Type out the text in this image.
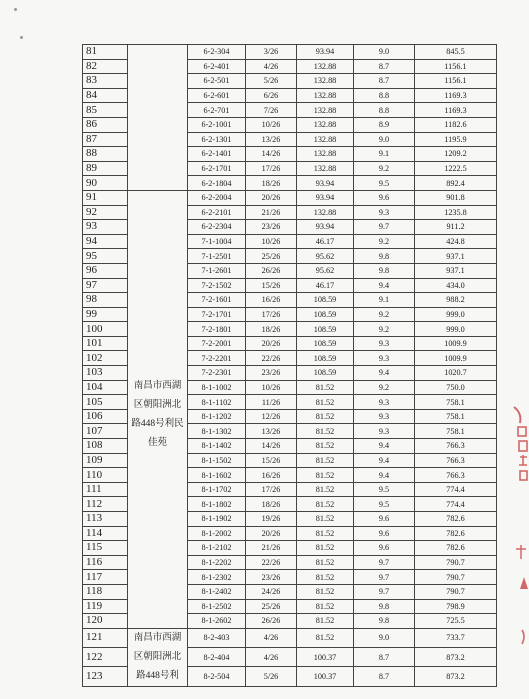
81		6-2-304	3/26	93.94	9.0	845.5
82		6-2-401	4/26	132.88	8.7	1156.1
83		6-2-501	5/26	132.88	8.7	1156.1
84		6-2-601	6/26	132.88	8.8	1169.3
85		6-2-701	7/26	132.88	8.8	1169.3
86		6-2-1001	10/26	132.88	8.9	1182.6
87		6-2-1301	13/26	132.88	9.0	1195.9
88		6-2-1401	14/26	132.88	9.1	1209.2
89		6-2-1701	17/26	132.88	9.2	1222.5
90		6-2-1804	18/26	93.94	9.5	892.4
91	南昌市西湖区朝阳洲北路448号利民佳苑	6-2-2004	20/26	93.94	9.6	901.8
92		6-2-2101	21/26	132.88	9.3	1235.8
93		6-2-2304	23/26	93.94	9.7	911.2
94		7-1-1004	10/26	46.17	9.2	424.8
95		7-1-2501	25/26	95.62	9.8	937.1
96		7-1-2601	26/26	95.62	9.8	937.1
97		7-2-1502	15/26	46.17	9.4	434.0
98		7-2-1601	16/26	108.59	9.1	988.2
99		7-2-1701	17/26	108.59	9.2	999.0
100		7-2-1801	18/26	108.59	9.2	999.0
101		7-2-2001	20/26	108.59	9.3	1009.9
102		7-2-2201	22/26	108.59	9.3	1009.9
103		7-2-2301	23/26	108.59	9.4	1020.7
104		8-1-1002	10/26	81.52	9.2	750.0
105		8-1-1102	11/26	81.52	9.3	758.1
106		8-1-1202	12/26	81.52	9.3	758.1
107		8-1-1302	13/26	81.52	9.3	758.1
108		8-1-1402	14/26	81.52	9.4	766.3
109		8-1-1502	15/26	81.52	9.4	766.3
110		8-1-1602	16/26	81.52	9.4	766.3
111		8-1-1702	17/26	81.52	9.5	774.4
112		8-1-1802	18/26	81.52	9.5	774.4
113		8-1-1902	19/26	81.52	9.6	782.6
114		8-1-2002	20/26	81.52	9.6	782.6
115		8-1-2102	21/26	81.52	9.6	782.6
116		8-1-2202	22/26	81.52	9.7	790.7
117		8-1-2302	23/26	81.52	9.7	790.7
118		8-1-2402	24/26	81.52	9.7	790.7
119		8-1-2502	25/26	81.52	9.8	798.9
120		8-1-2602	26/26	81.52	9.8	725.5
121	南昌市西湖区朝阳洲北路448号利	8-2-403	4/26	81.52	9.0	733.7
122		8-2-404	4/26	100.37	8.7	873.2
123		8-2-504	5/26	100.37	8.7	873.2
